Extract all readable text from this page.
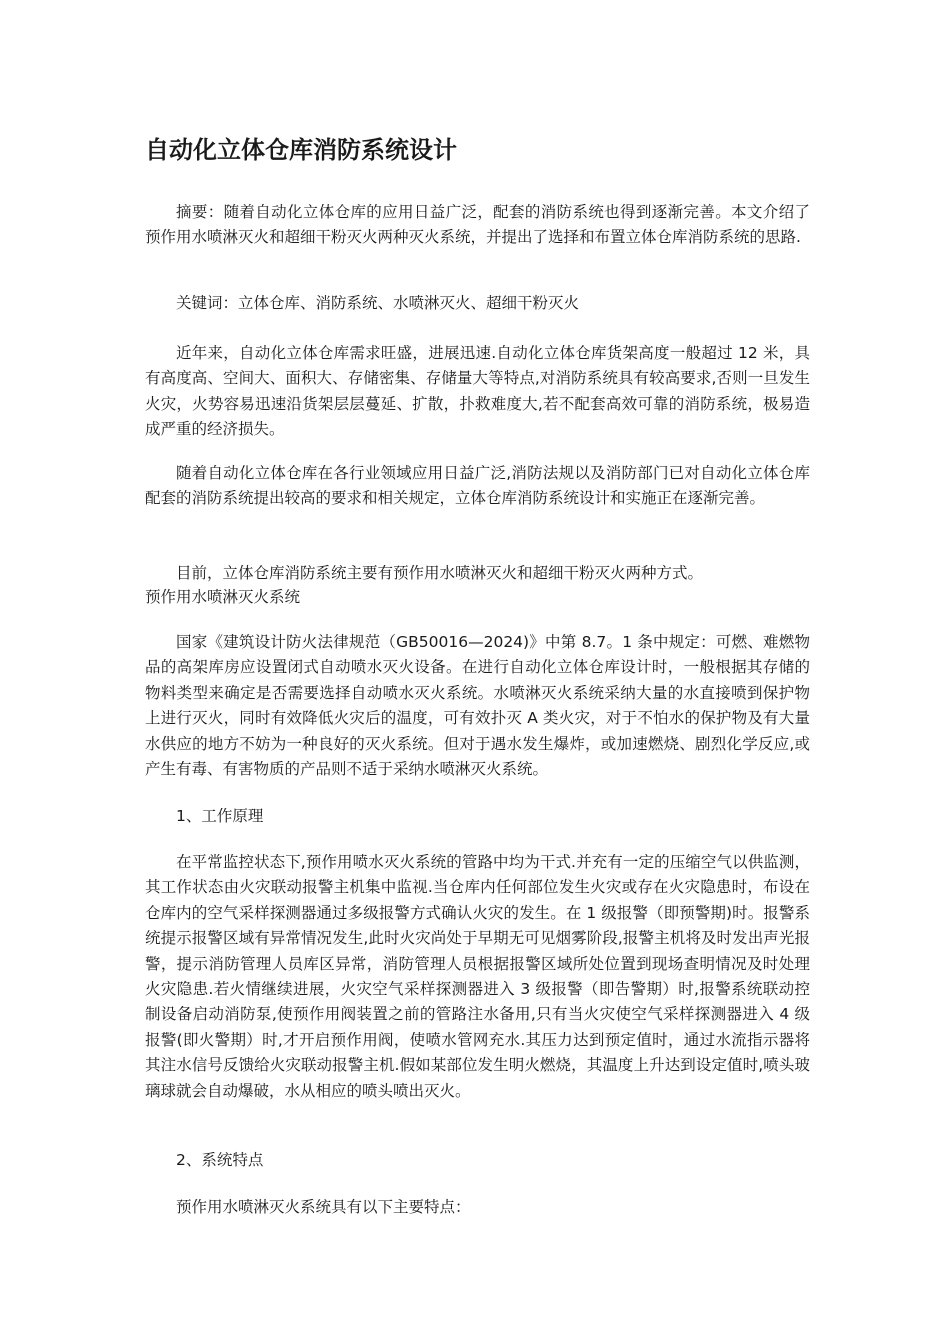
自动化立体仓库消防系统设计

摘要：随着自动化立体仓库的应用日益广泛，配套的消防系统也得到逐渐完善。本文介绍了预作用水喷淋灭火和超细干粉灭火两种灭火系统，并提出了选择和布置立体仓库消防系统的思路.

关键词：立体仓库、消防系统、水喷淋灭火、超细干粉灭火

近年来，自动化立体仓库需求旺盛，进展迅速.自动化立体仓库货架高度一般超过 12 米，具有高度高、空间大、面积大、存储密集、存储量大等特点,对消防系统具有较高要求,否则一旦发生火灾，火势容易迅速沿货架层层蔓延、扩散，扑救难度大,若不配套高效可靠的消防系统，极易造成严重的经济损失。

随着自动化立体仓库在各行业领域应用日益广泛,消防法规以及消防部门已对自动化立体仓库配套的消防系统提出较高的要求和相关规定，立体仓库消防系统设计和实施正在逐渐完善。

目前，立体仓库消防系统主要有预作用水喷淋灭火和超细干粉灭火两种方式。

预作用水喷淋灭火系统

国家《建筑设计防火法律规范（GB50016—2024)》中第 8.7。1 条中规定：可燃、难燃物品的高架库房应设置闭式自动喷水灭火设备。在进行自动化立体仓库设计时，一般根据其存储的物料类型来确定是否需要选择自动喷水灭火系统。水喷淋灭火系统采纳大量的水直接喷到保护物上进行灭火，同时有效降低火灾后的温度，可有效扑灭 A 类火灾，对于不怕水的保护物及有大量水供应的地方不妨为一种良好的灭火系统。但对于遇水发生爆炸，或加速燃烧、剧烈化学反应,或产生有毒、有害物质的产品则不适于采纳水喷淋灭火系统。

1、工作原理

在平常监控状态下,预作用喷水灭火系统的管路中均为干式.并充有一定的压缩空气以供监测，其工作状态由火灾联动报警主机集中监视.当仓库内任何部位发生火灾或存在火灾隐患时，布设在仓库内的空气采样探测器通过多级报警方式确认火灾的发生。在 1 级报警（即预警期)时。报警系统提示报警区域有异常情况发生,此时火灾尚处于早期无可见烟雾阶段,报警主机将及时发出声光报警，提示消防管理人员库区异常，消防管理人员根据报警区域所处位置到现场查明情况及时处理火灾隐患.若火情继续进展，火灾空气采样探测器进入 3 级报警（即告警期）时,报警系统联动控制设备启动消防泵,使预作用阀装置之前的管路注水备用,只有当火灾使空气采样探测器进入 4 级报警(即火警期）时,才开启预作用阀，使喷水管网充水.其压力达到预定值时，通过水流指示器将其注水信号反馈给火灾联动报警主机.假如某部位发生明火燃烧，其温度上升达到设定值时,喷头玻璃球就会自动爆破，水从相应的喷头喷出灭火。

2、系统特点

预作用水喷淋灭火系统具有以下主要特点：
